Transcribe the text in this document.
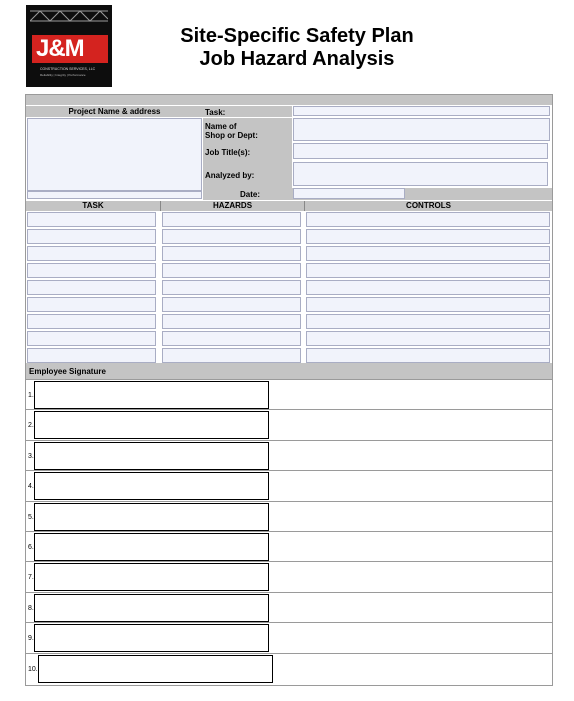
J&M
CONSTRUCTION SERVICES, LLC
Reliability | Integrity | Performance
Site-Specific Safety Plan
Job Hazard Analysis
Project Name & address	Task:
Name of
Shop or Dept:
Job Title(s):
Analyzed by:
Date:
TASK	HAZARDS	CONTROLS
Employee Signature
1.
2.
3.
4.
5.
6.
7.
8.
9.
10.
